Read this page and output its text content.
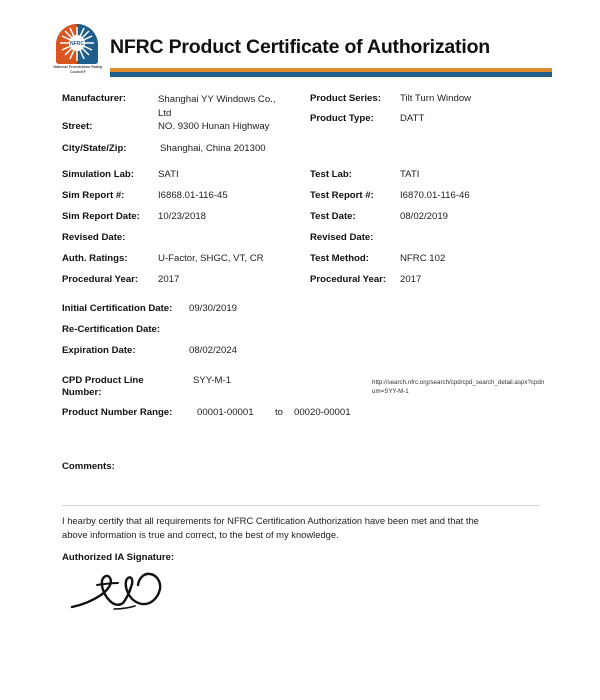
NFRC
National Fenestration Rating Council®
NFRC Product Certificate of Authorization
Manufacturer:	Shanghai YY Windows Co., Ltd
Street:	NO. 9300 Hunan Highway
City/State/Zip:	Shanghai, China 201300
Product Series: Tilt Turn Window
Product Type:	DATT
Simulation Lab:	SATI
Sim Report #:	I6868.01-116-45
Sim Report Date: 10/23/2018
Revised Date:
Auth. Ratings:	U-Factor, SHGC, VT, CR
Procedural Year: 2017
Test Lab:	TATI
Test Report #:	I6870.01-116-46
Test Date:	08/02/2019
Revised Date:
Test Method:	NFRC 102
Procedural Year: 2017
Initial Certification Date: 09/30/2019
Re-Certification Date:
Expiration Date:	08/02/2024
CPD Product Line
Number:
SYY-M-1
Product Number Range:	00001-00001 to 00020-00001
http://search.nfrc.org/search/cpd/cpd_search_detail.aspx?cpdnum=SYY-M-1
Comments:
I hearby certify that all requirements for NFRC Certification Authorization have been met and that the above information is true and correct, to the best of my knowledge.
Authorized IA Signature:
